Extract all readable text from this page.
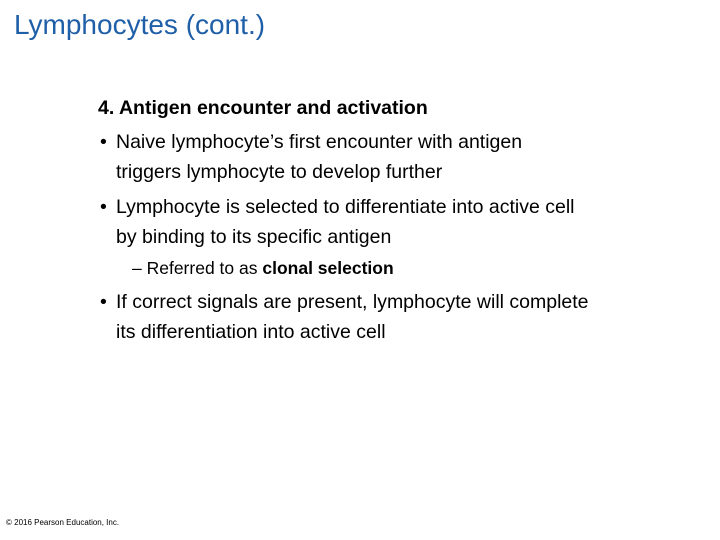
Lymphocytes (cont.)
4. Antigen encounter and activation
• Naive lymphocyte’s first encounter with antigen
triggers lymphocyte to develop further
• Lymphocyte is selected to differentiate into active cell
by binding to its specific antigen
– Referred to as clonal selection
• If correct signals are present, lymphocyte will complete
its differentiation into active cell
© 2016 Pearson Education, Inc.
